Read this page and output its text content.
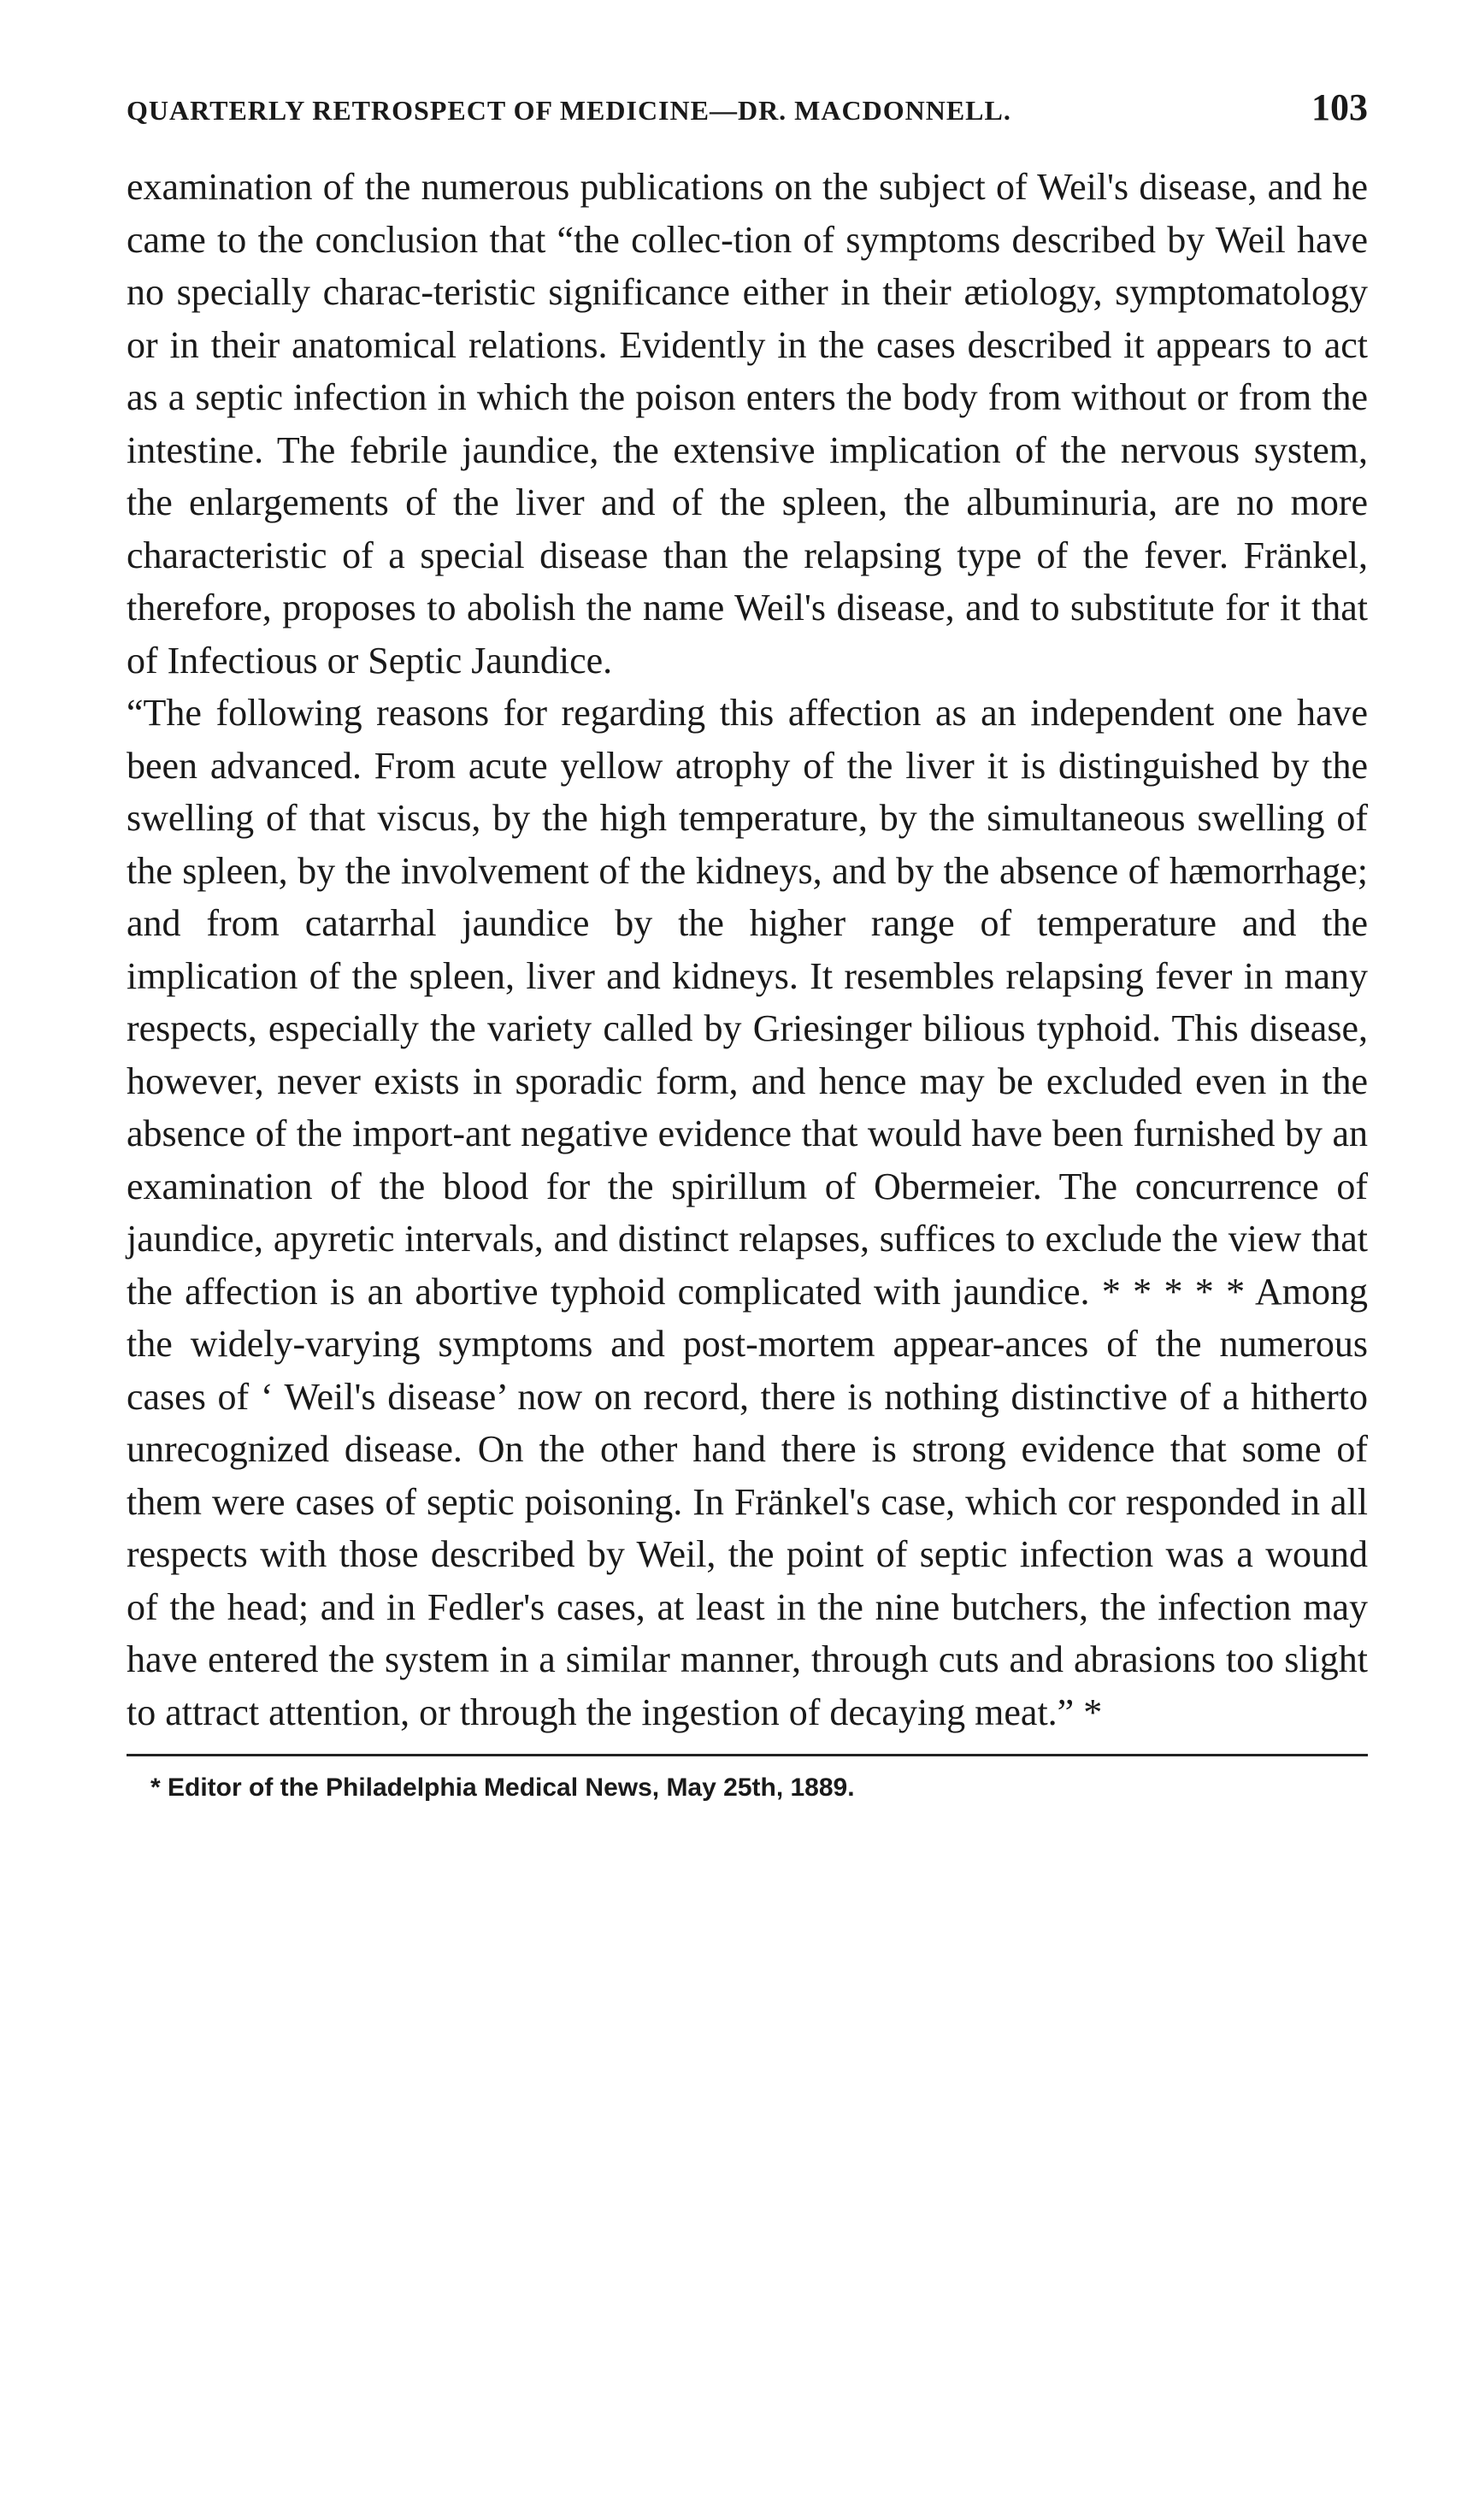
QUARTERLY RETROSPECT OF MEDICINE—DR. MACDONNELL.	103

examination of the numerous publications on the subject of Weil's disease, and he came to the conclusion that “the collec-tion of symptoms described by Weil have no specially charac-teristic significance either in their ætiology, symptomatology or in their anatomical relations. Evidently in the cases described it appears to act as a septic infection in which the poison enters the body from without or from the intestine. The febrile jaundice, the extensive implication of the nervous system, the enlargements of the liver and of the spleen, the albuminuria, are no more characteristic of a special disease than the relapsing type of the fever. Fränkel, therefore, proposes to abolish the name Weil's disease, and to substitute for it that of Infectious or Septic Jaundice.

“The following reasons for regarding this affection as an independent one have been advanced. From acute yellow atrophy of the liver it is distinguished by the swelling of that viscus, by the high temperature, by the simultaneous swelling of the spleen, by the involvement of the kidneys, and by the absence of hæmorrhage; and from catarrhal jaundice by the higher range of temperature and the implication of the spleen, liver and kidneys. It resembles relapsing fever in many respects, especially the variety called by Griesinger bilious typhoid. This disease, however, never exists in sporadic form, and hence may be excluded even in the absence of the import-ant negative evidence that would have been furnished by an examination of the blood for the spirillum of Obermeier. The concurrence of jaundice, apyretic intervals, and distinct relapses, suffices to exclude the view that the affection is an abortive typhoid complicated with jaundice. * * * * * Among the widely-varying symptoms and post-mortem appear-ances of the numerous cases of ‘ Weil's disease’ now on record, there is nothing distinctive of a hitherto unrecognized disease. On the other hand there is strong evidence that some of them were cases of septic poisoning. In Fränkel's case, which cor responded in all respects with those described by Weil, the point of septic infection was a wound of the head; and in Fedler's cases, at least in the nine butchers, the infection may have entered the system in a similar manner, through cuts and abrasions too slight to attract attention, or through the ingestion of decaying meat.” *

* Editor of the Philadelphia Medical News, May 25th, 1889.
